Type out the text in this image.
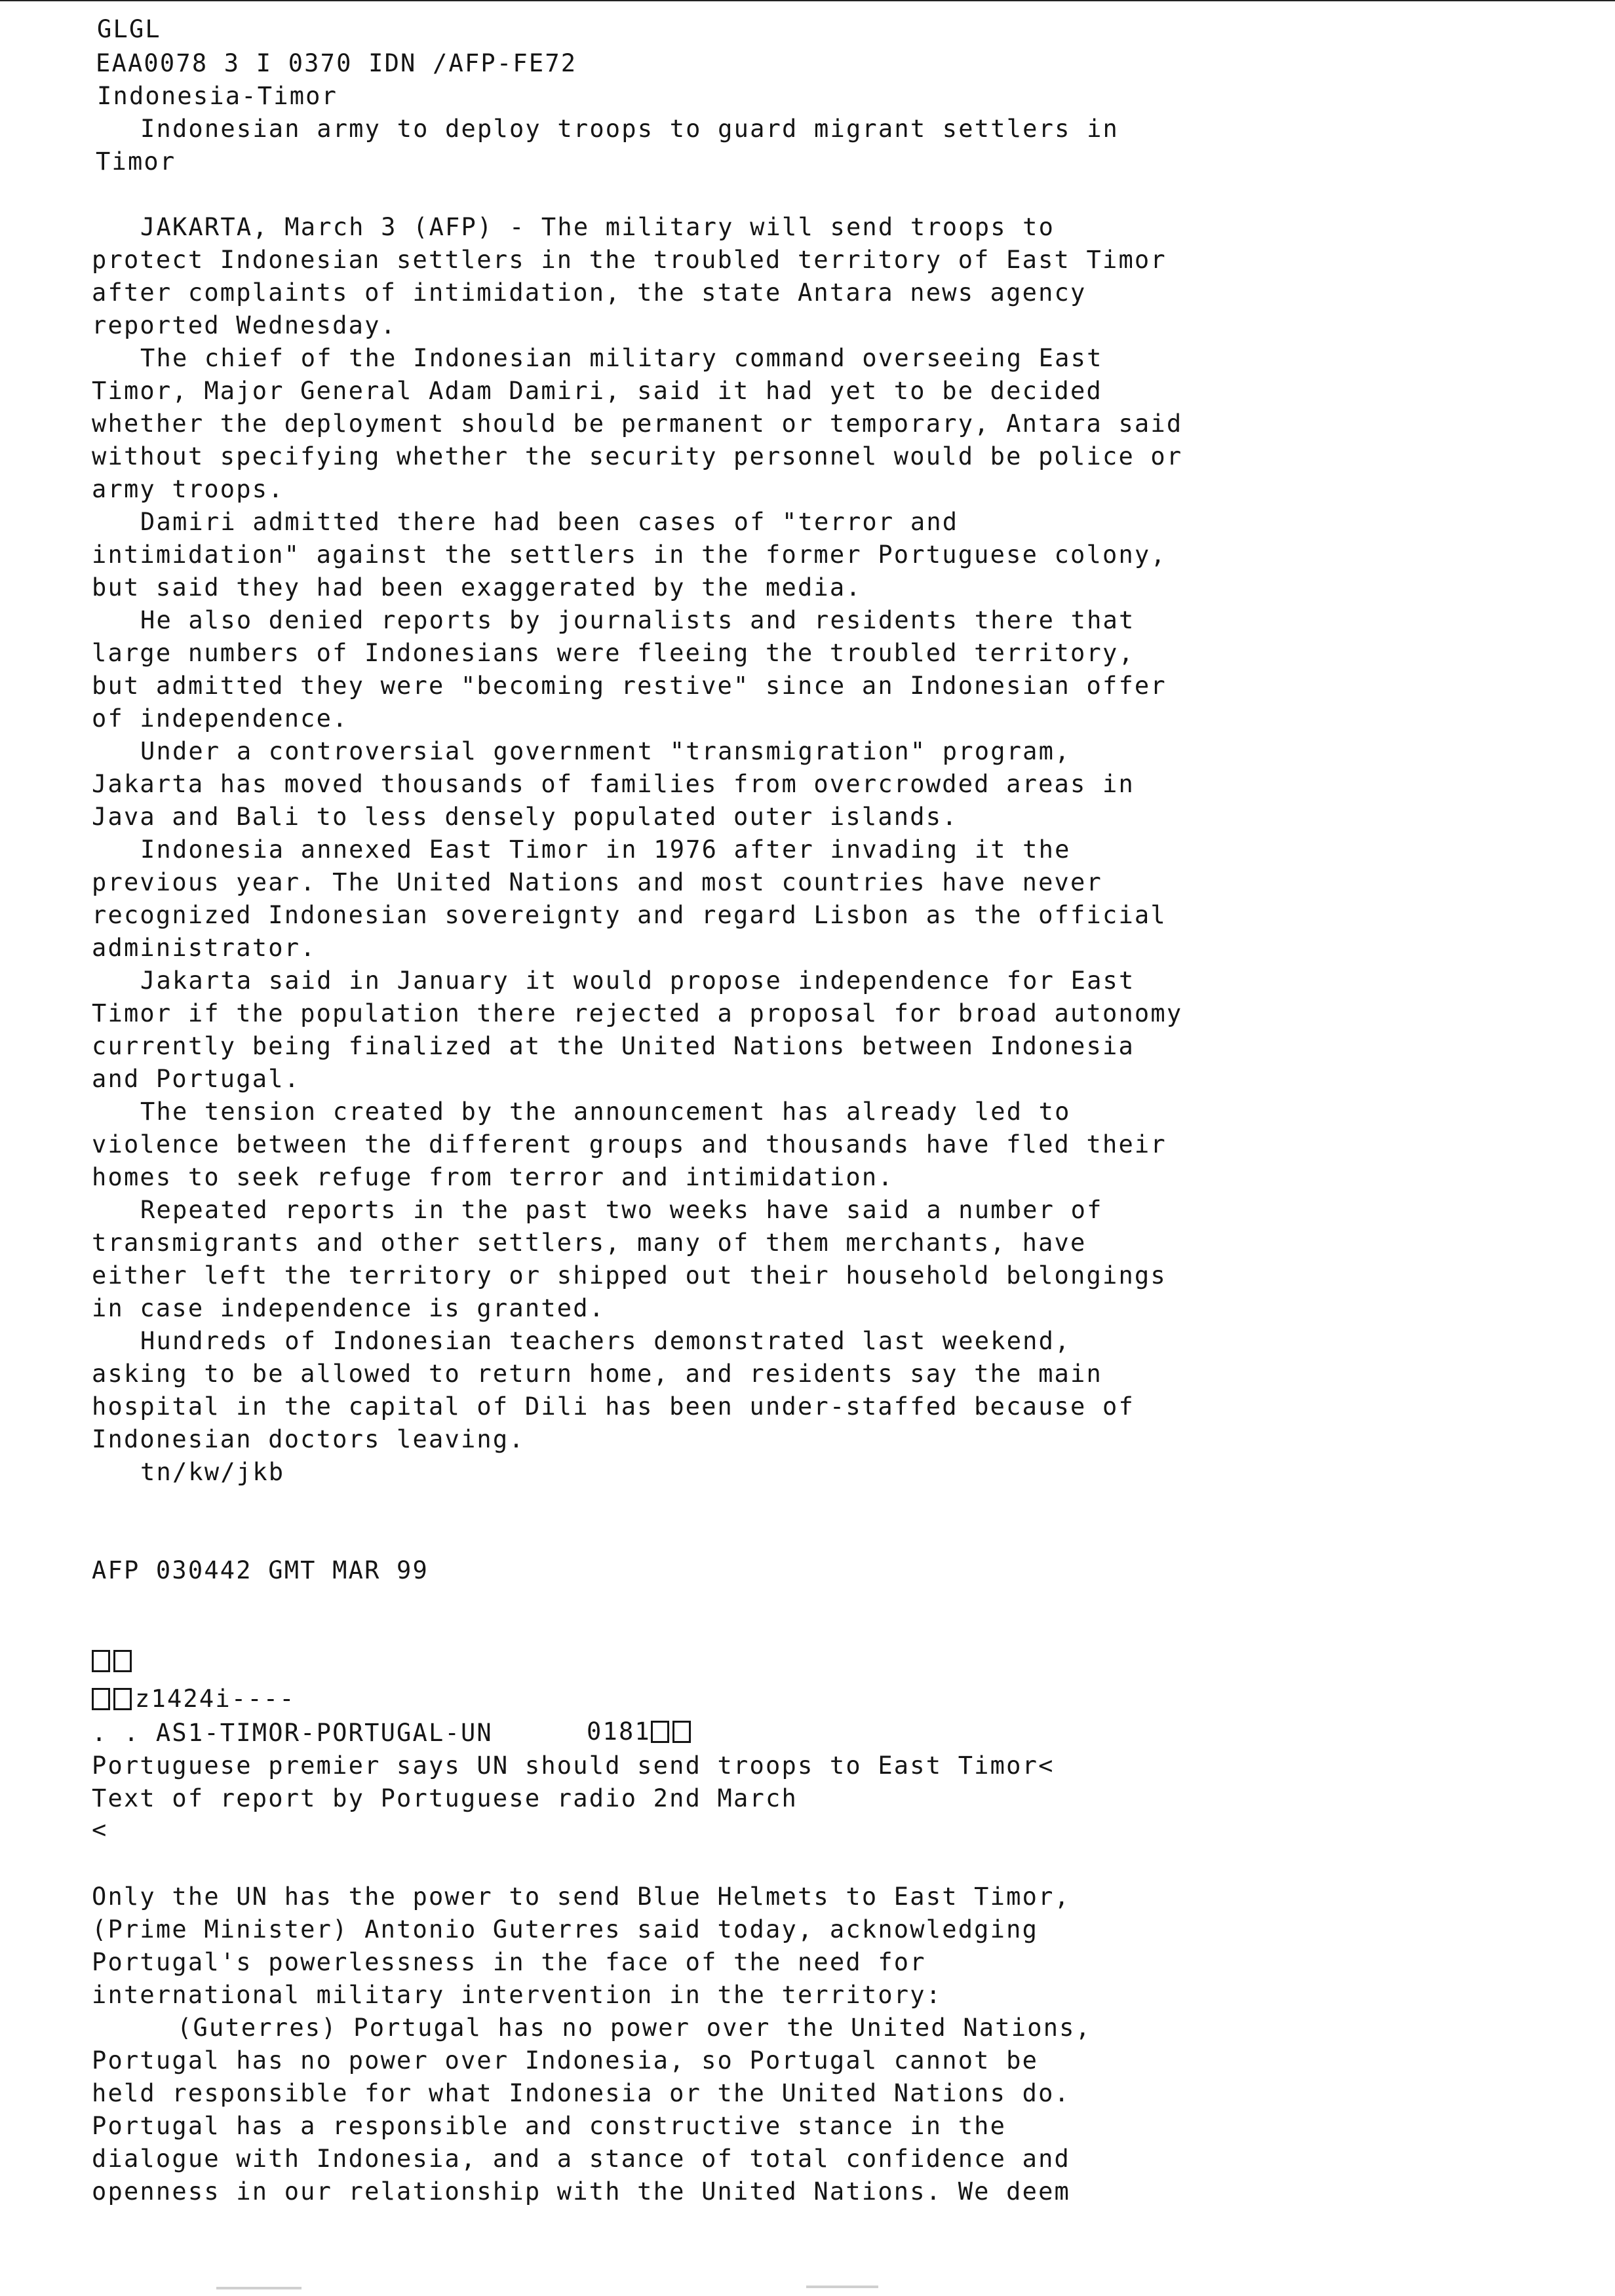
GLGL
EAA0078 3 I 0370 IDN /AFP-FE72
Indonesia-Timor
Indonesian army to deploy troops to guard migrant settlers in
Timor
JAKARTA, March 3 (AFP) - The military will send troops to
protect Indonesian settlers in the troubled territory of East Timor
after complaints of intimidation, the state Antara news agency
reported Wednesday.
The chief of the Indonesian military command overseeing East
Timor, Major General Adam Damiri, said it had yet to be decided
whether the deployment should be permanent or temporary, Antara said
without specifying whether the security personnel would be police or
army troops.
Damiri admitted there had been cases of "terror and
intimidation" against the settlers in the former Portuguese colony,
but said they had been exaggerated by the media.
He also denied reports by journalists and residents there that
large numbers of Indonesians were fleeing the troubled territory,
but admitted they were "becoming restive" since an Indonesian offer
of independence.
Under a controversial government "transmigration" program,
Jakarta has moved thousands of families from overcrowded areas in
Java and Bali to less densely populated outer islands.
Indonesia annexed East Timor in 1976 after invading it the
previous year. The United Nations and most countries have never
recognized Indonesian sovereignty and regard Lisbon as the official
administrator.
Jakarta said in January it would propose independence for East
Timor if the population there rejected a proposal for broad autonomy
currently being finalized at the United Nations between Indonesia
and Portugal.
The tension created by the announcement has already led to
violence between the different groups and thousands have fled their
homes to seek refuge from terror and intimidation.
Repeated reports in the past two weeks have said a number of
transmigrants and other settlers, many of them merchants, have
either left the territory or shipped out their household belongings
in case independence is granted.
Hundreds of Indonesian teachers demonstrated last weekend,
asking to be allowed to return home, and residents say the main
hospital in the capital of Dili has been under-staffed because of
Indonesian doctors leaving.
tn/kw/jkb
AFP 030442 GMT MAR 99
z1424i----
. . AS1-TIMOR-PORTUGAL-UN	0181
Portuguese premier says UN should send troops to East Timor<
Text of report by Portuguese radio 2nd March
<
Only the UN has the power to send Blue Helmets to East Timor,
(Prime Minister) Antonio Guterres said today, acknowledging
Portugal's powerlessness in the face of the need for
international military intervention in the territory:
(Guterres) Portugal has no power over the United Nations,
Portugal has no power over Indonesia, so Portugal cannot be
held responsible for what Indonesia or the United Nations do.
Portugal has a responsible and constructive stance in the
dialogue with Indonesia, and a stance of total confidence and
openness in our relationship with the United Nations. We deem
